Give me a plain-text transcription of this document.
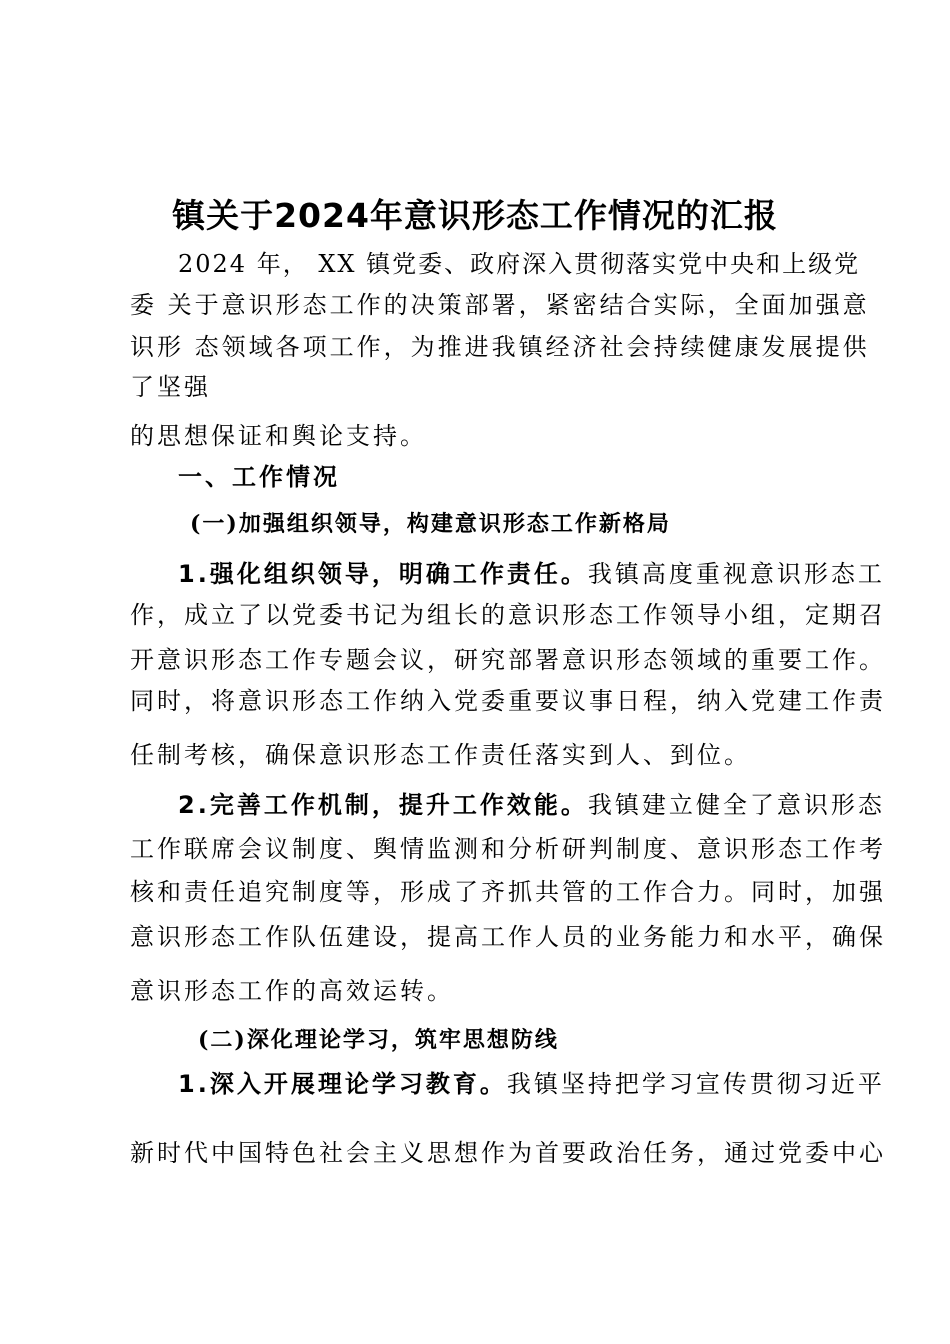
镇关于2024年意识形态工作情况的汇报
2024 年， XX 镇党委、政府深入贯彻落实党中央和上级党
委 关于意识形态工作的决策部署，紧密结合实际，全面加强意
识形 态领域各项工作，为推进我镇经济社会持续健康发展提供
了坚强
的思想保证和舆论支持。
一、工作情况
(一)加强组织领导，构建意识形态工作新格局
1.强化组织领导，明确工作责任。我镇高度重视意识形态工
作，成立了以党委书记为组长的意识形态工作领导小组，定期召
开意识形态工作专题会议，研究部署意识形态领域的重要工作。
同时，将意识形态工作纳入党委重要议事日程，纳入党建工作责
任制考核，确保意识形态工作责任落实到人、到位。
2.完善工作机制，提升工作效能。我镇建立健全了意识形态
工作联席会议制度、舆情监测和分析研判制度、意识形态工作考
核和责任追究制度等，形成了齐抓共管的工作合力。同时，加强
意识形态工作队伍建设，提高工作人员的业务能力和水平，确保
意识形态工作的高效运转。
(二)深化理论学习，筑牢思想防线
1.深入开展理论学习教育。我镇坚持把学习宣传贯彻习近平
新时代中国特色社会主义思想作为首要政治任务，通过党委中心
